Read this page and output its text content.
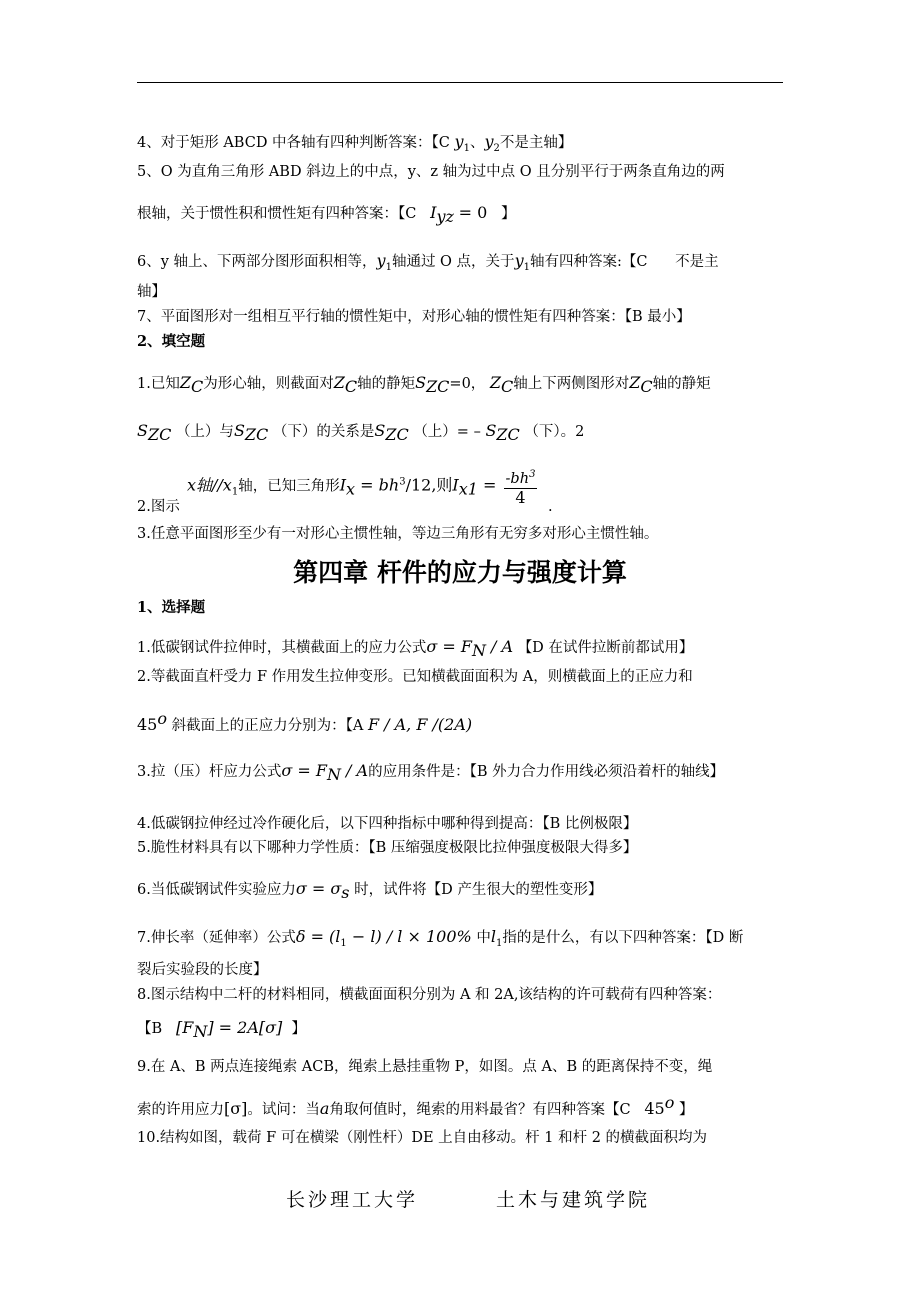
4、对于矩形 ABCD 中各轴有四种判断答案：【C $y_1$、$y_2$不是主轴】
5、O 为直角三角形 ABD 斜边上的中点，y、z 轴为过中点 O 且分别平行于两条直角边的两
根轴，关于惯性积和惯性矩有四种答案：【C $I_{yz} = 0$ 】
6、y 轴上、下两部分图形面积相等，$y_1$轴通过 O 点，关于$y_1$轴有四种答案:【C 不是主
轴】
7、平面图形对一组相互平行轴的惯性矩中，对形心轴的惯性矩有四种答案：【B 最小】
2、填空题
1.已知$Z_C$为形心轴，则截面对$Z_C$轴的静矩$S_{ZC}=0$， $Z_C$轴上下两侧图形对$Z_C$轴的静矩
$S_{ZC}$ （上）与$S_{ZC}$ （下）的关系是$S_{ZC}$ （上）= – $S_{ZC}$ （下）。2
x轴$//x_1$轴，已知三角形$I_x = bh^3/12$,则$I_{x1} = \frac{-bh^3}{4}$
2.图示	.
3.任意平面图形至少有一对形心主惯性轴，等边三角形有无穷多对形心主惯性轴。
第四章 杆件的应力与强度计算
1、选择题
1.低碳钢试件拉伸时，其横截面上的应力公式$\sigma = F_N / A$ 【D 在试件拉断前都试用】
2.等截面直杆受力 F 作用发生拉伸变形。已知横截面面积为 A，则横截面上的正应力和
45$^o$ 斜截面上的正应力分别为：【A F / A, F /(2A)
3.拉（压）杆应力公式$\sigma = F_N / A$的应用条件是：【B 外力合力作用线必须沿着杆的轴线】
4.低碳钢拉伸经过冷作硬化后，以下四种指标中哪种得到提高：【B 比例极限】
5.脆性材料具有以下哪种力学性质：【B 压缩强度极限比拉伸强度极限大得多】
6.当低碳钢试件实验应力$\sigma = \sigma_s$ 时，试件将【D 产生很大的塑性变形】
7.伸长率（延伸率）公式$\delta = (l_1 - l) / l \times 100\%$ 中$l_1$指的是什么，有以下四种答案：【D 断
裂后实验段的长度】
8.图示结构中二杆的材料相同，横截面面积分别为 A 和 2A,该结构的许可载荷有四种答案：
【B $[F_N] = 2A[\sigma]$ 】
9.在 A、B 两点连接绳索 ACB，绳索上悬挂重物 P，如图。点 A、B 的距离保持不变，绳
索的许用应力[σ]。试问：当a角取何值时，绳索的用料最省？有四种答案【C 45$^o$ 】
10.结构如图，载荷 F 可在横梁（刚性杆）DE 上自由移动。杆 1 和杆 2 的横截面积均为
长沙理工大学	土木与建筑学院
